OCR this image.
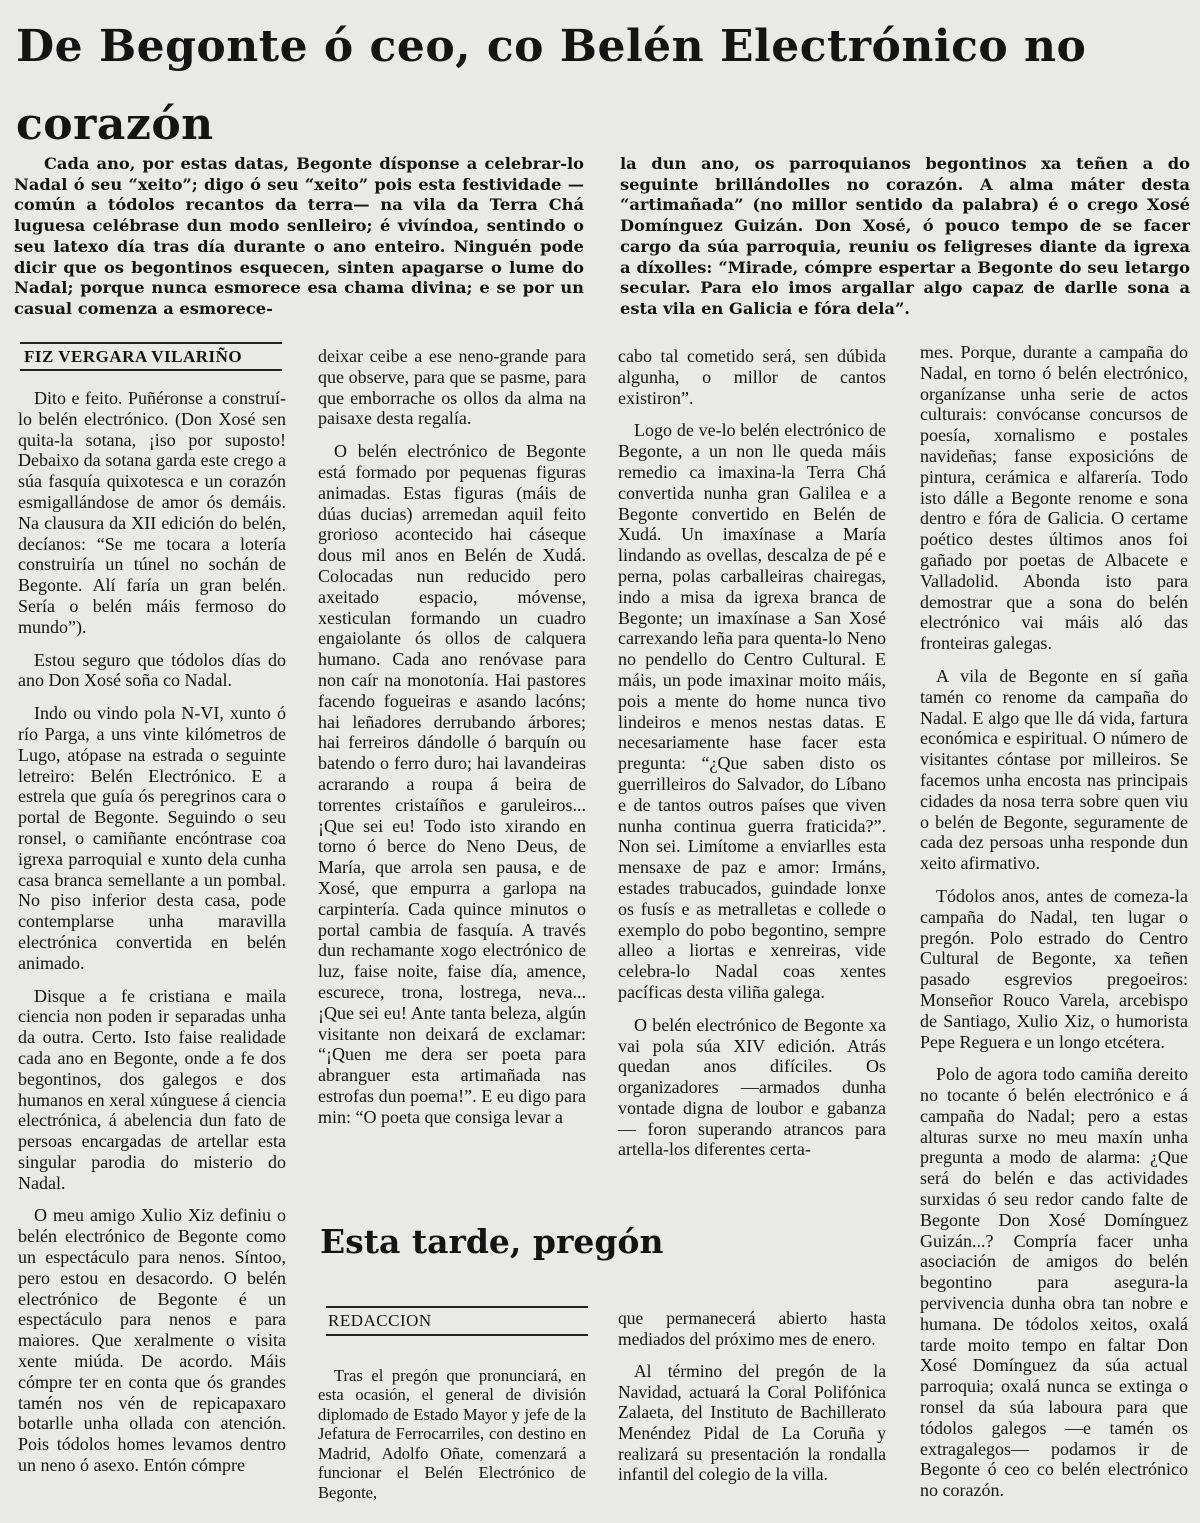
De Begonte ó ceo, co Belén Electrónico no corazón

Cada ano, por estas datas, Begonte dísponse a celebrar-lo Nadal ó seu “xeito”; digo ó seu “xeito” pois esta festividade —común a tódolos recantos da terra— na vila da Terra Chá luguesa celébrase dun modo senlleiro; é vivíndoa, sentindo o seu latexo día tras día durante o ano enteiro. Ninguén pode dicir que os begontinos esquecen, sinten apagarse o lume do Nadal; porque nunca esmorece esa chama divina; e se por un casual comenza a esmorece-

la dun ano, os parroquianos begontinos xa teñen a do seguinte brillándolles no corazón. A alma máter desta “artimañada” (no millor sentido da palabra) é o crego Xosé Domínguez Guizán. Don Xosé, ó pouco tempo de se facer cargo da súa parroquia, reuniu os feligreses diante da igrexa a díxolles: “Mirade, cómpre espertar a Begonte do seu letargo secular. Para elo imos argallar algo capaz de darlle sona a esta vila en Galicia e fóra dela”.

FIZ VERGARA VILARIÑO

Dito e feito. Puñéronse a construí-lo belén electrónico. (Don Xosé sen quita-la sotana, ¡iso por suposto! Debaixo da sotana garda este crego a súa fasquía quixotesca e un corazón esmigallándose de amor ós demáis. Na clausura da XII edición do belén, decíanos: “Se me tocara a lotería construiría un túnel no sochán de Begonte. Alí faría un gran belén. Sería o belén máis fermoso do mundo”).

Estou seguro que tódolos días do ano Don Xosé soña co Nadal.

Indo ou vindo pola N-VI, xunto ó río Parga, a uns vinte kilómetros de Lugo, atópase na estrada o seguinte letreiro: Belén Electrónico. E a estrela que guía ós peregrinos cara o portal de Begonte. Seguindo o seu ronsel, o camiñante encóntrase coa igrexa parroquial e xunto dela cunha casa branca semellante a un pombal. No piso inferior desta casa, pode contemplarse unha maravilla electrónica convertida en belén animado.

Disque a fe cristiana e maila ciencia non poden ir separadas unha da outra. Certo. Isto faise realidade cada ano en Begonte, onde a fe dos begontinos, dos galegos e dos humanos en xeral xúnguese á ciencia electrónica, á abelencia dun fato de persoas encargadas de artellar esta singular parodia do misterio do Nadal.

O meu amigo Xulio Xiz definiu o belén electrónico de Begonte como un espectáculo para nenos. Síntoo, pero estou en desacordo. O belén electrónico de Begonte é un espectáculo para nenos e para maiores. Que xeralmente o visita xente miúda. De acordo. Máis cómpre ter en conta que ós grandes tamén nos vén de repicapaxaro botarlle unha ollada con atención. Pois tódolos homes levamos dentro un neno ó asexo. Entón cómpre

deixar ceibe a ese neno-grande para que observe, para que se pasme, para que emborrache os ollos da alma na paisaxe desta regalía.

O belén electrónico de Begonte está formado por pequenas figuras animadas. Estas figuras (máis de dúas ducias) arremedan aquil feito grorioso acontecido hai cáseque dous mil anos en Belén de Xudá. Colocadas nun reducido pero axeitado espacio, móvense, xesticulan formando un cuadro engaiolante ós ollos de calquera humano. Cada ano renóvase para non caír na monotonía. Hai pastores facendo fogueiras e asando lacóns; hai leñadores derrubando árbores; hai ferreiros dándolle ó barquín ou batendo o ferro duro; hai lavandeiras acrarando a roupa á beira de torrentes cristaíños e garuleiros... ¡Que sei eu! Todo isto xirando en torno ó berce do Neno Deus, de María, que arrola sen pausa, e de Xosé, que empurra a garlopa na carpintería. Cada quince minutos o portal cambia de fasquía. A través dun rechamante xogo electrónico de luz, faise noite, faise día, amence, escurece, trona, lostrega, neva... ¡Que sei eu! Ante tanta beleza, algún visitante non deixará de exclamar: “¡Quen me dera ser poeta para abranguer esta artimañada nas estrofas dun poema!”. E eu digo para min: “O poeta que consiga levar a

cabo tal cometido será, sen dúbida algunha, o millor de cantos existiron”.

Logo de ve-lo belén electrónico de Begonte, a un non lle queda máis remedio ca imaxina-la Terra Chá convertida nunha gran Galilea e a Begonte convertido en Belén de Xudá. Un imaxínase a María lindando as ovellas, descalza de pé e perna, polas carballeiras chairegas, indo a misa da igrexa branca de Begonte; un imaxínase a San Xosé carrexando leña para quenta-lo Neno no pendello do Centro Cultural. E máis, un pode imaxinar moito máis, pois a mente do home nunca tivo lindeiros e menos nestas datas. E necesariamente hase facer esta pregunta: “¿Que saben disto os guerrilleiros do Salvador, do Líbano e de tantos outros países que viven nunha continua guerra fraticida?”. Non sei. Limítome a enviarlles esta mensaxe de paz e amor: Irmáns, estades trabucados, guindade lonxe os fusís e as metralletas e collede o exemplo do pobo begontino, sempre alleo a liortas e xenreiras, vide celebra-lo Nadal coas xentes pacíficas desta viliña galega.

O belén electrónico de Begonte xa vai pola súa XIV edición. Atrás quedan anos difíciles. Os organizadores —armados dunha vontade digna de loubor e gabanza— foron superando atrancos para artella-los diferentes certa-

mes. Porque, durante a campaña do Nadal, en torno ó belén electrónico, organízanse unha serie de actos culturais: convócanse concursos de poesía, xornalismo e postales navideñas; fanse exposicións de pintura, cerámica e alfarería. Todo isto dálle a Begonte renome e sona dentro e fóra de Galicia. O certame poético destes últimos anos foi gañado por poetas de Albacete e Valladolid. Abonda isto para demostrar que a sona do belén electrónico vai máis aló das fronteiras galegas.

A vila de Begonte en sí gaña tamén co renome da campaña do Nadal. E algo que lle dá vida, fartura económica e espiritual. O número de visitantes cóntase por milleiros. Se facemos unha encosta nas principais cidades da nosa terra sobre quen viu o belén de Begonte, seguramente de cada dez persoas unha responde dun xeito afirmativo.

Tódolos anos, antes de comeza-la campaña do Nadal, ten lugar o pregón. Polo estrado do Centro Cultural de Begonte, xa teñen pasado esgrevios pregoeiros: Monseñor Rouco Varela, arcebispo de Santiago, Xulio Xiz, o humorista Pepe Reguera e un longo etcétera.

Polo de agora todo camiña dereito no tocante ó belén electrónico e á campaña do Nadal; pero a estas alturas surxe no meu maxín unha pregunta a modo de alarma: ¿Que será do belén e das actividades surxidas ó seu redor cando falte de Begonte Don Xosé Domínguez Guizán...? Compría facer unha asociación de amigos do belén begontino para asegura-la pervivencia dunha obra tan nobre e humana. De tódolos xeitos, oxalá tarde moito tempo en faltar Don Xosé Domínguez da súa actual parroquia; oxalá nunca se extinga o ronsel da súa laboura para que tódolos galegos —e tamén os extragalegos— podamos ir de Begonte ó ceo co belén electrónico no corazón.

Esta tarde, pregón
REDACCION

Tras el pregón que pronunciará, en esta ocasión, el general de división diplomado de Estado Mayor y jefe de la Jefatura de Ferrocarriles, con destino en Madrid, Adolfo Oñate, comenzará a funcionar el Belén Electrónico de Begonte,

que permanecerá abierto hasta mediados del próximo mes de enero.

Al término del pregón de la Navidad, actuará la Coral Polifónica Zalaeta, del Instituto de Bachillerato Menéndez Pidal de La Coruña y realizará su presentación la rondalla infantil del colegio de la villa.
